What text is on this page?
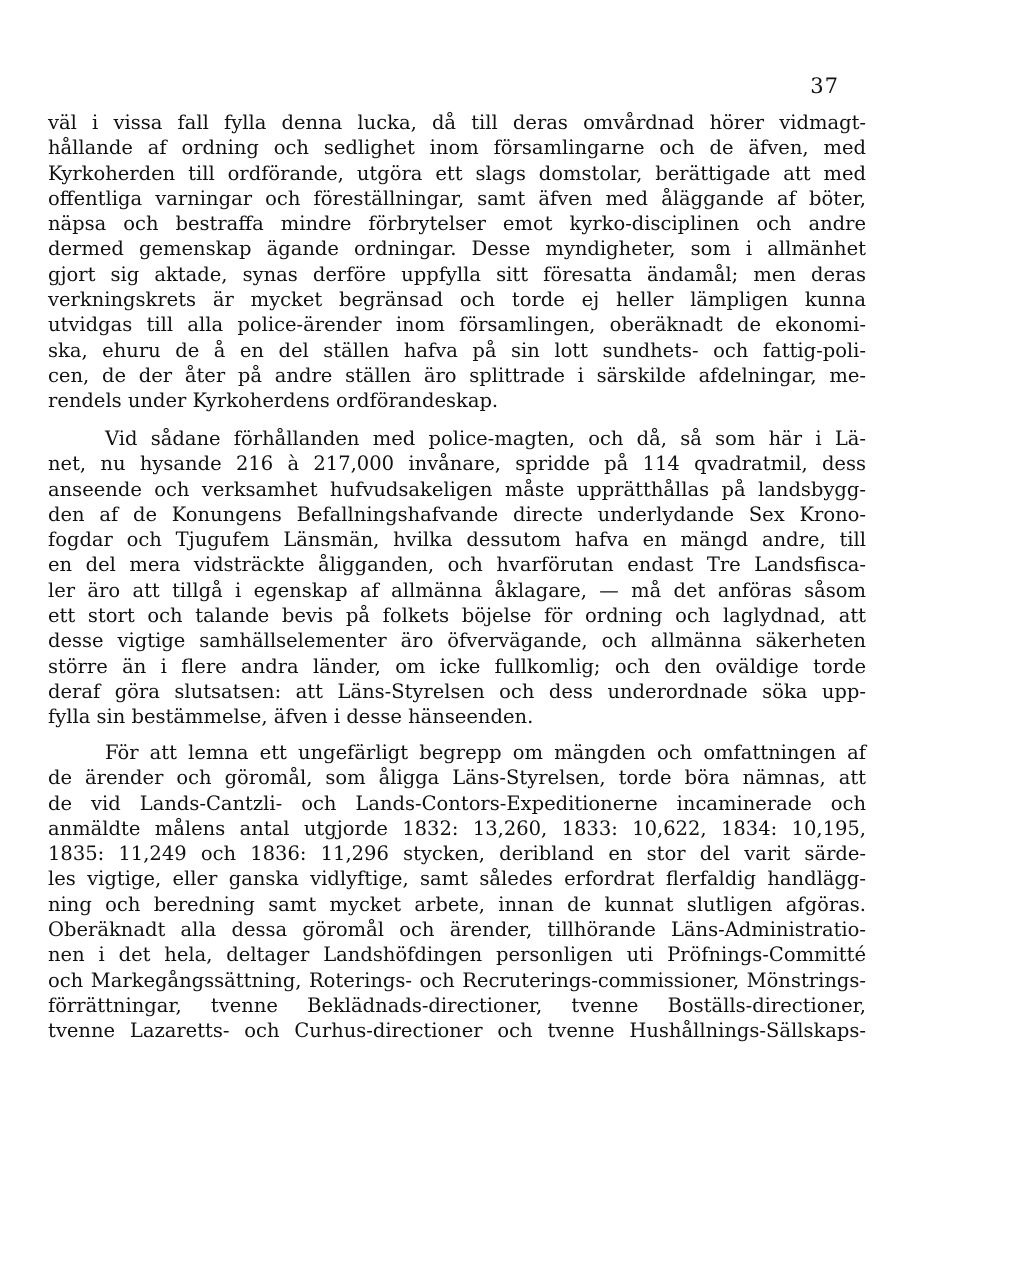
37
väl i vissa fall fylla denna lucka, då till deras omvårdnad hörer vidmagt-
hållande af ordning och sedlighet inom församlingarne och de äfven, med
Kyrkoherden till ordförande, utgöra ett slags domstolar, berättigade att med
offentliga varningar och föreställningar, samt äfven med åläggande af böter,
näpsa och bestraffa mindre förbrytelser emot kyrko-disciplinen och andre
dermed gemenskap ägande ordningar. Desse myndigheter, som i allmänhet
gjort sig aktade, synas derföre uppfylla sitt föresatta ändamål; men deras
verkningskrets är mycket begränsad och torde ej heller lämpligen kunna
utvidgas till alla police-ärender inom församlingen, oberäknadt de ekonomi-
ska, ehuru de å en del ställen hafva på sin lott sundhets- och fattig-poli-
cen, de der åter på andre ställen äro splittrade i särskilde afdelningar, me-
rendels under Kyrkoherdens ordförandeskap.
Vid sådane förhållanden med police-magten, och då, så som här i Lä-
net, nu hysande 216 à 217,000 invånare, spridde på 114 qvadratmil, dess
anseende och verksamhet hufvudsakeligen måste upprätthållas på landsbygg-
den af de Konungens Befallningshafvande directe underlydande Sex Krono-
fogdar och Tjugufem Länsmän, hvilka dessutom hafva en mängd andre, till
en del mera vidsträckte åligganden, och hvarförutan endast Tre Landsfisca-
ler äro att tillgå i egenskap af allmänna åklagare, — må det anföras såsom
ett stort och talande bevis på folkets böjelse för ordning och laglydnad, att
desse vigtige samhällselementer äro öfvervägande, och allmänna säkerheten
större än i flere andra länder, om icke fullkomlig; och den oväldige torde
deraf göra slutsatsen: att Läns-Styrelsen och dess underordnade söka upp-
fylla sin bestämmelse, äfven i desse hänseenden.
För att lemna ett ungefärligt begrepp om mängden och omfattningen af
de ärender och göromål, som åligga Läns-Styrelsen, torde böra nämnas, att
de vid Lands-Cantzli- och Lands-Contors-Expeditionerne incaminerade och
anmäldte målens antal utgjorde 1832: 13,260, 1833: 10,622, 1834: 10,195,
1835: 11,249 och 1836: 11,296 stycken, deribland en stor del varit särde-
les vigtige, eller ganska vidlyftige, samt således erfordrat flerfaldig handlägg-
ning och beredning samt mycket arbete, innan de kunnat slutligen afgöras.
Oberäknadt alla dessa göromål och ärender, tillhörande Läns-Administratio-
nen i det hela, deltager Landshöfdingen personligen uti Pröfnings-Committé
och Markegångssättning, Roterings- och Recruterings-commissioner, Mönstrings-
förrättningar, tvenne Beklädnads-directioner, tvenne Boställs-directioner,
tvenne Lazaretts- och Curhus-directioner och tvenne Hushållnings-Sällskaps-
